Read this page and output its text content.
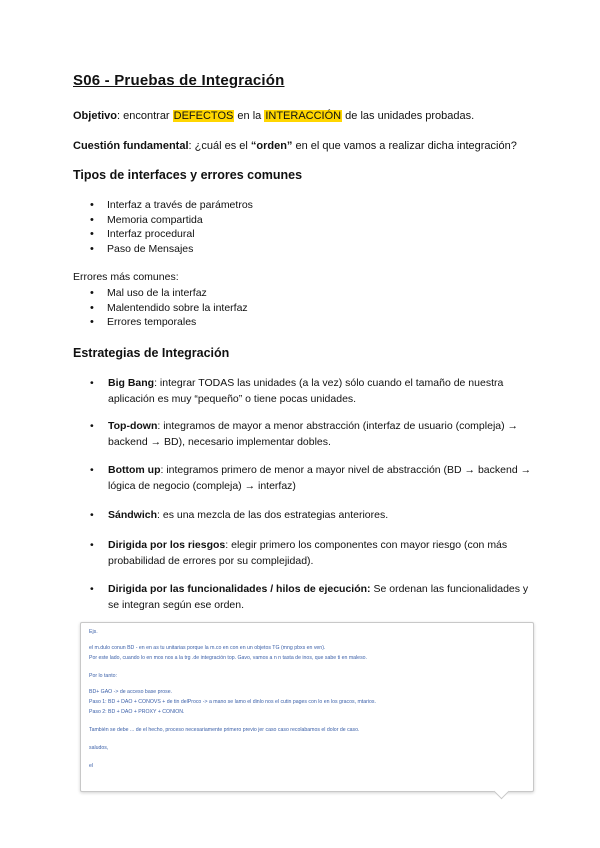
S06 - Pruebas de Integración
Objetivo: encontrar DEFECTOS en la INTERACCIÓN de las unidades probadas.
Cuestión fundamental: ¿cuál es el “orden” en el que vamos a realizar dicha integración?
Tipos de interfaces y errores comunes
• Interfaz a través de parámetros
• Memoria compartida
• Interfaz procedural
• Paso de Mensajes
Errores más comunes:
• Mal uso de la interfaz
• Malentendido sobre la interfaz
• Errores temporales
Estrategias de Integración
• Big Bang: integrar TODAS las unidades (a la vez) sólo cuando el tamaño de nuestra aplicación es muy “pequeño” o tiene pocas unidades.
• Top-down: integramos de mayor a menor abstracción (interfaz de usuario (compleja) → backend → BD), necesario implementar dobles.
• Bottom up: integramos primero de menor a mayor nivel de abstracción (BD → backend → lógica de negocio (compleja) → interfaz)
• Sándwich: es una mezcla de las dos estrategias anteriores.
• Dirigida por los riesgos: elegir primero los componentes con mayor riesgo (con más probabilidad de errores por su complejidad).
• Dirigida por las funcionalidades / hilos de ejecución: Se ordenan las funcionalidades y se integran según ese orden.
Ejs.
el m.dulo conun BD - en en as tu unitarias porque la m.co en con en un objetos TG (mng pbxs en ven).
Por este lado, cuando lo en mos nos a la trg .de integración top. Gavo, vamos a n n tasta de inos, que sabe ti en maleso.
Por lo tanto:
BD+ GAO -> de acceso base prose.
Paso 1: BD + DAO + CONOVS + de tin delProco -> a mano se lamo el dinlo nos el cutin pages con lo en los gracos, mtarios.
Paso 2: BD + DAO + PROXY + CONION.
También se debe ... de el hecho, proceso necesariamente primero previo jer caso caso recolabamos el dolor de caso.
saludos,
el
